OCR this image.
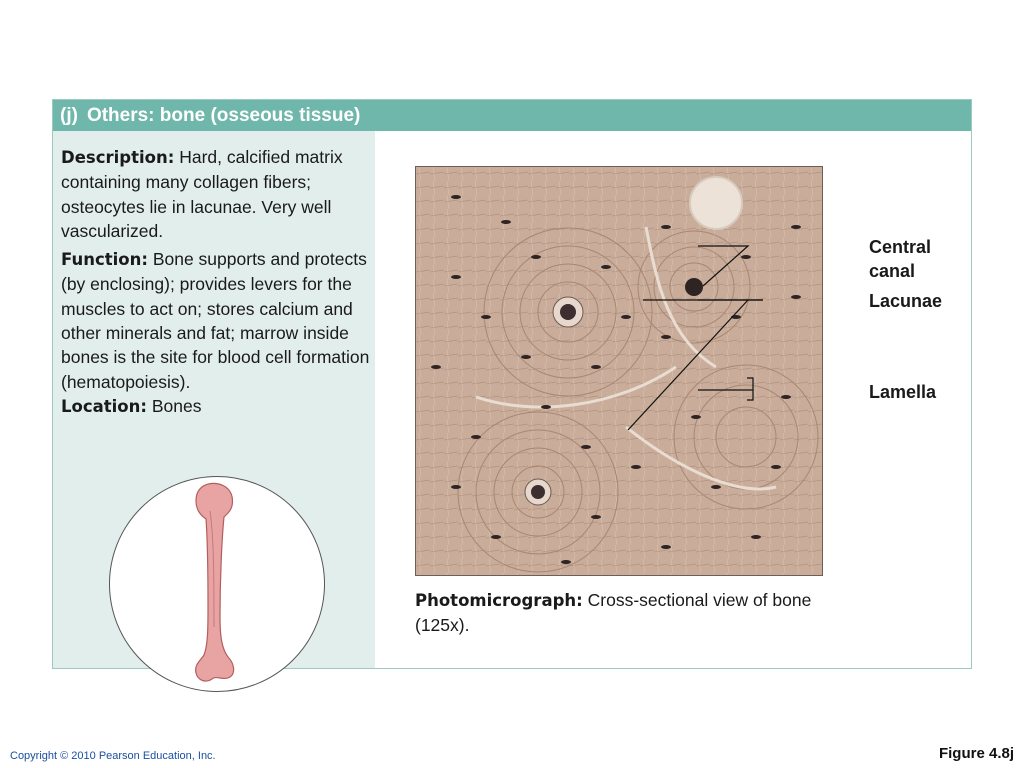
(j) Others: bone (osseous tissue)

Description: Hard, calcified matrix containing many collagen fibers; osteocytes lie in lacunae. Very well vascularized.

Function: Bone supports and protects (by enclosing); provides levers for the muscles to act on; stores calcium and other minerals and fat; marrow inside bones is the site for blood cell formation (hematopoiesis).

Location: Bones

Central
canal
Lacunae
Lamella
Photomicrograph: Cross-sectional view of bone (125x).
Copyright © 2010 Pearson Education, Inc.	Figure 4.8j
